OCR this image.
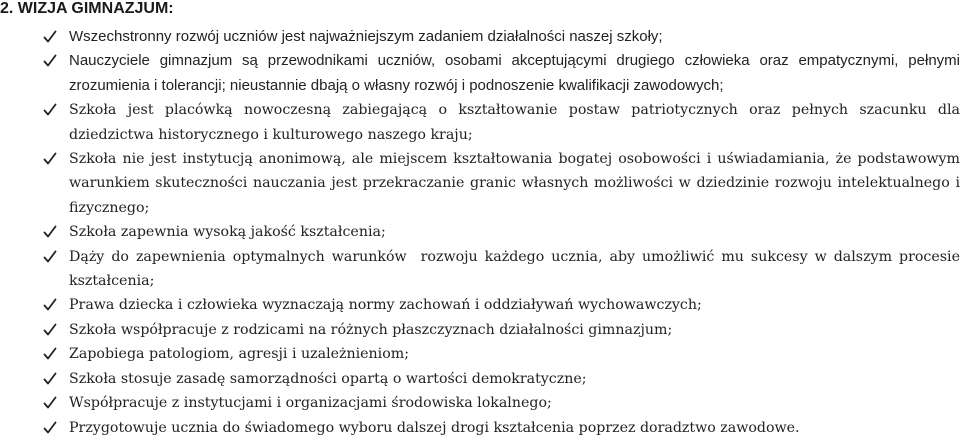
2. WIZJA GIMNAZJUM:
Wszechstronny rozwój uczniów jest najważniejszym zadaniem działalności naszej szkoły;
Nauczyciele gimnazjum są przewodnikami uczniów, osobami akceptującymi drugiego człowieka oraz empatycznymi, pełnymi zrozumienia i tolerancji; nieustannie dbają o własny rozwój i podnoszenie kwalifikacji zawodowych;
Szkoła jest placówką nowoczesną zabiegającą o kształtowanie postaw patriotycznych oraz pełnych szacunku dla dziedzictwa historycznego i kulturowego naszego kraju;
Szkoła nie jest instytucją anonimową, ale miejscem kształtowania bogatej osobowości i uświadamiania, że podstawowym warunkiem skuteczności nauczania jest przekraczanie granic własnych możliwości w dziedzinie rozwoju intelektualnego i fizycznego;
Szkoła zapewnia wysoką jakość kształcenia;
Dąży do zapewnienia optymalnych warunków  rozwoju każdego ucznia, aby umożliwić mu sukcesy w dalszym procesie kształcenia;
Prawa dziecka i człowieka wyznaczają normy zachowań i oddziaływań wychowawczych;
Szkoła współpracuje z rodzicami na różnych płaszczyznach działalności gimnazjum;
Zapobiega patologiom, agresji i uzależnieniom;
Szkoła stosuje zasadę samorządności opartą o wartości demokratyczne;
Współpracuje z instytucjami i organizacjami środowiska lokalnego;
Przygotowuje ucznia do świadomego wyboru dalszej drogi kształcenia poprzez doradztwo zawodowe.
